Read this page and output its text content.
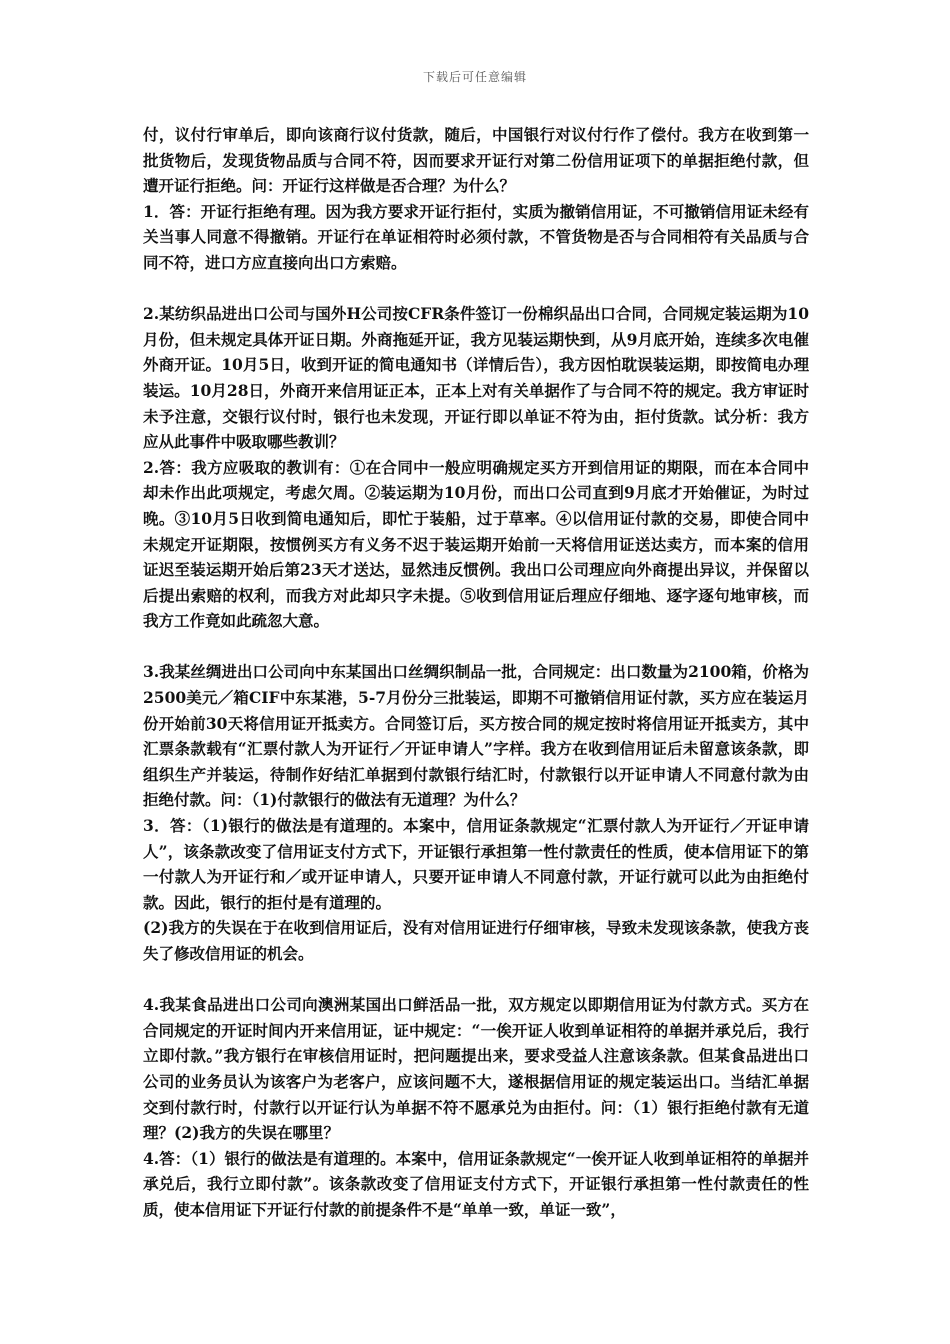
下载后可任意编辑

付，议付行审单后，即向该商行议付货款，随后，中国银行对议付行作了偿付。我方在收到第一批货物后，发现货物品质与合同不符，因而要求开证行对第二份信用证项下的单据拒绝付款，但遭开证行拒绝。问：开证行这样做是否合理？为什么？

1．答：开证行拒绝有理。因为我方要求开证行拒付，实质为撤销信用证，不可撤销信用证未经有关当事人同意不得撤销。开证行在单证相符时必须付款，不管货物是否与合同相符有关品质与合同不符，进口方应直接向出口方索赔。

2.某纺织品进出口公司与国外H公司按CFR条件签订一份棉织品出口合同，合同规定装运期为10月份，但未规定具体开证日期。外商拖延开证，我方见装运期快到，从9月底开始，连续多次电催外商开证。10月5日，收到开证的简电通知书（详情后告），我方因怕耽误装运期，即按简电办理装运。10月28日，外商开来信用证正本，正本上对有关单据作了与合同不符的规定。我方审证时未予注意，交银行议付时，银行也未发现，开证行即以单证不符为由，拒付货款。试分析：我方应从此事件中吸取哪些教训？

2.答：我方应吸取的教训有：①在合同中一般应明确规定买方开到信用证的期限，而在本合同中却未作出此项规定，考虑欠周。②装运期为10月份，而出口公司直到9月底才开始催证，为时过晚。③10月5日收到简电通知后，即忙于装船，过于草率。④以信用证付款的交易，即使合同中未规定开证期限，按惯例买方有义务不迟于装运期开始前一天将信用证送达卖方，而本案的信用证迟至装运期开始后第23天才送达，显然违反惯例。我出口公司理应向外商提出异议，并保留以后提出索赔的权利，而我方对此却只字未提。⑤收到信用证后理应仔细地、逐字逐句地审核，而我方工作竟如此疏忽大意。

3.我某丝绸进出口公司向中东某国出口丝绸织制品一批，合同规定：出口数量为2100箱，价格为2500美元／箱CIF中东某港，5-7月份分三批装运，即期不可撤销信用证付款，买方应在装运月份开始前30天将信用证开抵卖方。合同签订后，买方按合同的规定按时将信用证开抵卖方，其中汇票条款载有“汇票付款人为开证行／开证申请人”字样。我方在收到信用证后未留意该条款，即组织生产并装运，待制作好结汇单据到付款银行结汇时，付款银行以开证申请人不同意付款为由拒绝付款。问：（1)付款银行的做法有无道理？为什么？

3．答：（1)银行的做法是有道理的。本案中，信用证条款规定“汇票付款人为开证行／开证申请人”，该条款改变了信用证支付方式下，开证银行承担第一性付款责任的性质，使本信用证下的第一付款人为开证行和／或开证申请人，只要开证申请人不同意付款，开证行就可以此为由拒绝付款。因此，银行的拒付是有道理的。

(2)我方的失误在于在收到信用证后，没有对信用证进行仔细审核，导致未发现该条款，使我方丧失了修改信用证的机会。

4.我某食品进出口公司向澳洲某国出口鲜活品一批，双方规定以即期信用证为付款方式。买方在合同规定的开证时间内开来信用证，证中规定：“一俟开证人收到单证相符的单据并承兑后，我行立即付款。”我方银行在审核信用证时，把问题提出来，要求受益人注意该条款。但某食品进出口公司的业务员认为该客户为老客户，应该问题不大，遂根据信用证的规定装运出口。当结汇单据交到付款行时，付款行以开证行认为单据不符不愿承兑为由拒付。问：（1）银行拒绝付款有无道理？(2)我方的失误在哪里？

4.答：（1）银行的做法是有道理的。本案中，信用证条款规定“一俟开证人收到单证相符的单据并承兑后，我行立即付款”。该条款改变了信用证支付方式下，开证银行承担第一性付款责任的性质，使本信用证下开证行付款的前提条件不是“单单一致，单证一致”，
